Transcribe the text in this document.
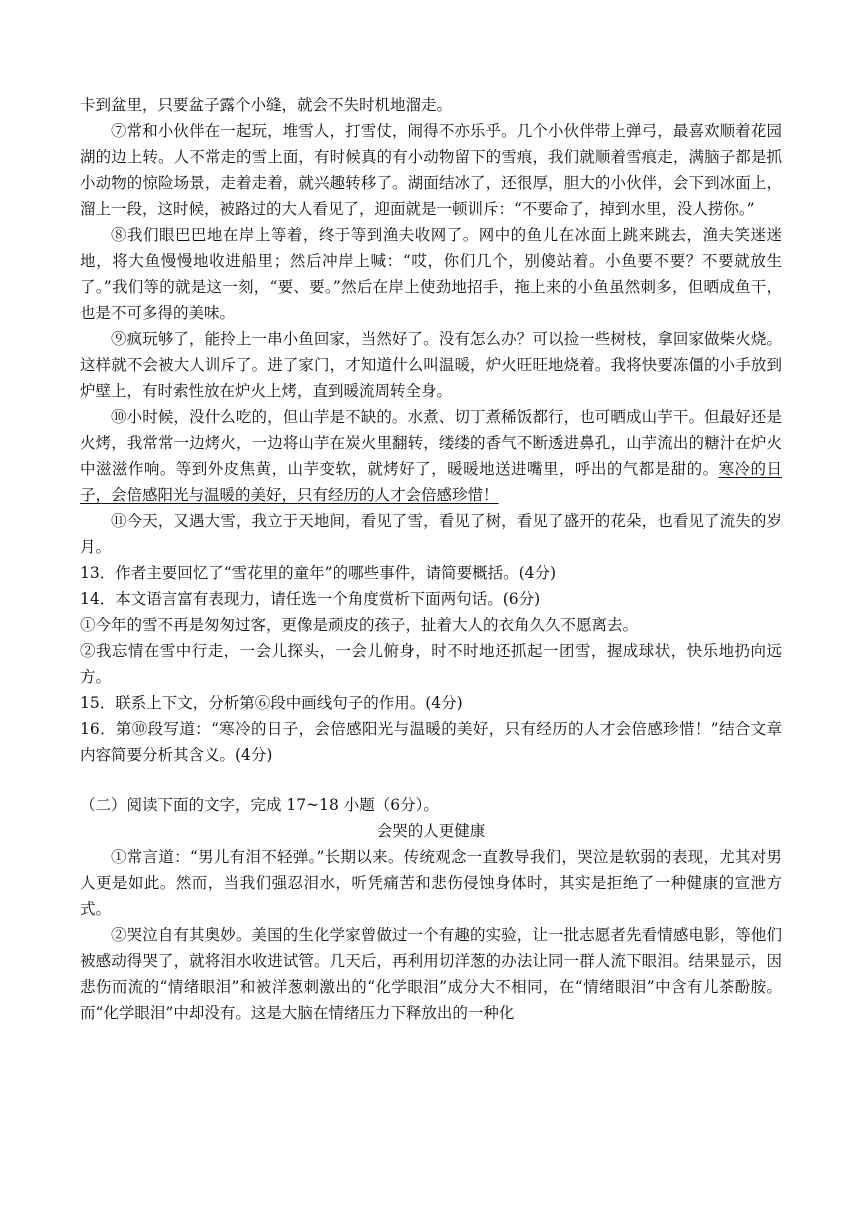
卡到盆里，只要盆子露个小缝，就会不失时机地溜走。

⑦常和小伙伴在一起玩，堆雪人，打雪仗，闹得不亦乐乎。几个小伙伴带上弹弓，最喜欢顺着花园湖的边上转。人不常走的雪上面，有时候真的有小动物留下的雪痕，我们就顺着雪痕走，满脑子都是抓小动物的惊险场景，走着走着，就兴趣转移了。湖面结冰了，还很厚，胆大的小伙伴，会下到冰面上，溜上一段，这时候，被路过的大人看见了，迎面就是一顿训斥：“不要命了，掉到水里，没人捞你。”

⑧我们眼巴巴地在岸上等着，终于等到渔夫收网了。网中的鱼儿在冰面上跳来跳去，渔夫笑迷迷地，将大鱼慢慢地收进船里；然后冲岸上喊：“哎，你们几个，别傻站着。小鱼要不要？不要就放生了。”我们等的就是这一刻，“要、要。”然后在岸上使劲地招手，拖上来的小鱼虽然刺多，但晒成鱼干，也是不可多得的美味。

⑨疯玩够了，能拎上一串小鱼回家，当然好了。没有怎么办？可以捡一些树枝，拿回家做柴火烧。这样就不会被大人训斥了。进了家门，才知道什么叫温暖，炉火旺旺地烧着。我将快要冻僵的小手放到炉壁上，有时索性放在炉火上烤，直到暖流周转全身。

⑩小时候，没什么吃的，但山芋是不缺的。水煮、切丁煮稀饭都行，也可晒成山芋干。但最好还是火烤，我常常一边烤火，一边将山芋在炭火里翻转，缕缕的香气不断透进鼻孔，山芋流出的糖汁在炉火中滋滋作响。等到外皮焦黄，山芋变软，就烤好了，暖暖地送进嘴里，呼出的气都是甜的。寒冷的日子，会倍感阳光与温暖的美好，只有经历的人才会倍感珍惜！

⑪今天，又遇大雪，我立于天地间，看见了雪，看见了树，看见了盛开的花朵，也看见了流失的岁月。

13．作者主要回忆了“雪花里的童年”的哪些事件，请简要概括。(4分)

14．本文语言富有表现力，请任选一个角度赏析下面两句话。(6分)

①今年的雪不再是匆匆过客，更像是顽皮的孩子，扯着大人的衣角久久不愿离去。

②我忘情在雪中行走，一会儿探头，一会儿俯身，时不时地还抓起一团雪，握成球状，快乐地扔向远方。

15．联系上下文，分析第⑥段中画线句子的作用。(4分)

16．第⑩段写道：“寒冷的日子，会倍感阳光与温暖的美好，只有经历的人才会倍感珍惜！”结合文章内容简要分析其含义。(4分)

（二）阅读下面的文字，完成 17~18 小题（6分）。

会哭的人更健康

①常言道：“男儿有泪不轻弹。”长期以来。传统观念一直教导我们，哭泣是软弱的表现，尤其对男人更是如此。然而，当我们强忍泪水，听凭痛苦和悲伤侵蚀身体时，其实是拒绝了一种健康的宣泄方式。

②哭泣自有其奥妙。美国的生化学家曾做过一个有趣的实验，让一批志愿者先看情感电影，等他们被感动得哭了，就将泪水收进试管。几天后，再利用切洋葱的办法让同一群人流下眼泪。结果显示，因悲伤而流的“情绪眼泪”和被洋葱刺激出的“化学眼泪”成分大不相同，在“情绪眼泪”中含有儿茶酚胺。而“化学眼泪”中却没有。这是大脑在情绪压力下释放出的一种化
